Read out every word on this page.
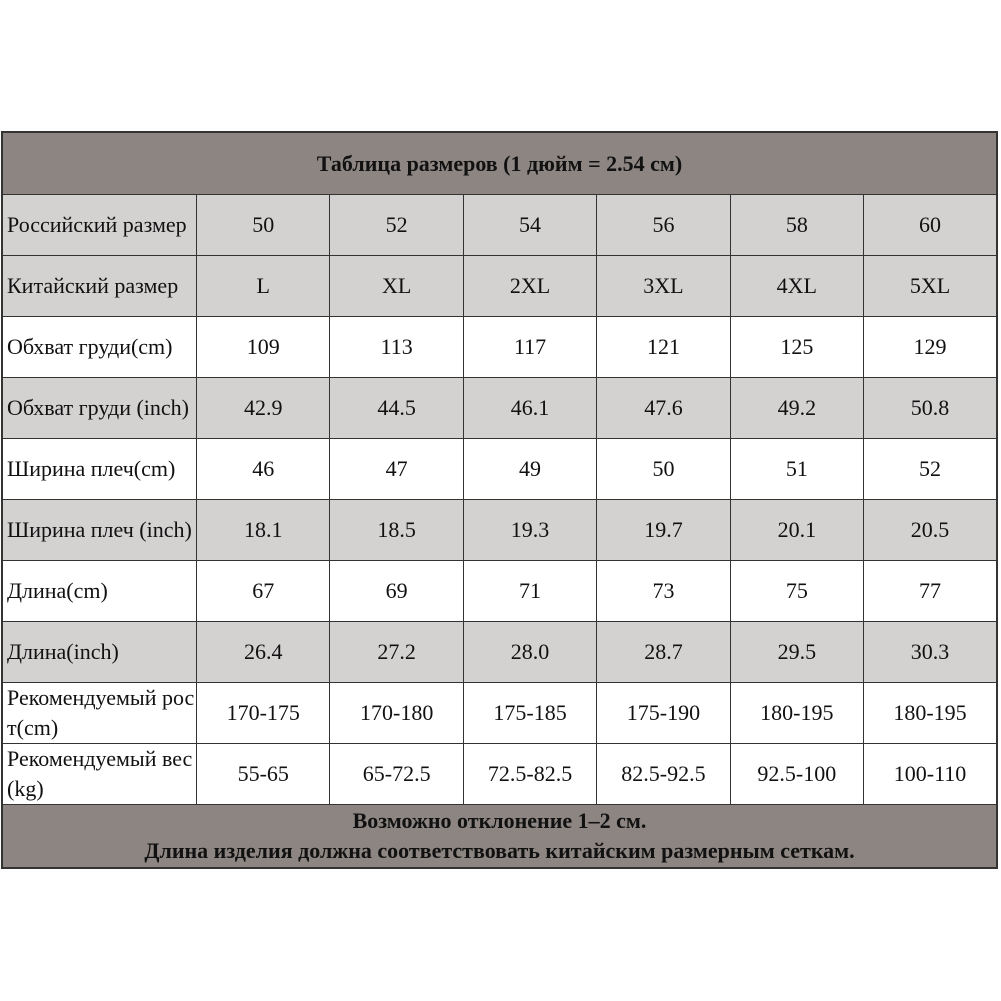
Таблица размеров (1 дюйм = 2.54 см)						
Российский размер	50	52	54	56	58	60
Китайский размер	L	XL	2XL	3XL	4XL	5XL
Обхват груди(cm)	109	113	117	121	125	129
Обхват груди (inch)	42.9	44.5	46.1	47.6	49.2	50.8
Ширина плеч(cm)	46	47	49	50	51	52
Ширина плеч (inch)	18.1	18.5	19.3	19.7	20.1	20.5
Длина(cm)	67	69	71	73	75	77
Длина(inch)	26.4	27.2	28.0	28.7	29.5	30.3
Рекомендуемый рост(cm)	170-175	170-180	175-185	175-190	180-195	180-195
Рекомендуемый вес (kg)	55-65	65-72.5	72.5-82.5	82.5-92.5	92.5-100	100-110

Возможно отклонение 1–2 см.
Длина изделия должна соответствовать китайским размерным сеткам.						
